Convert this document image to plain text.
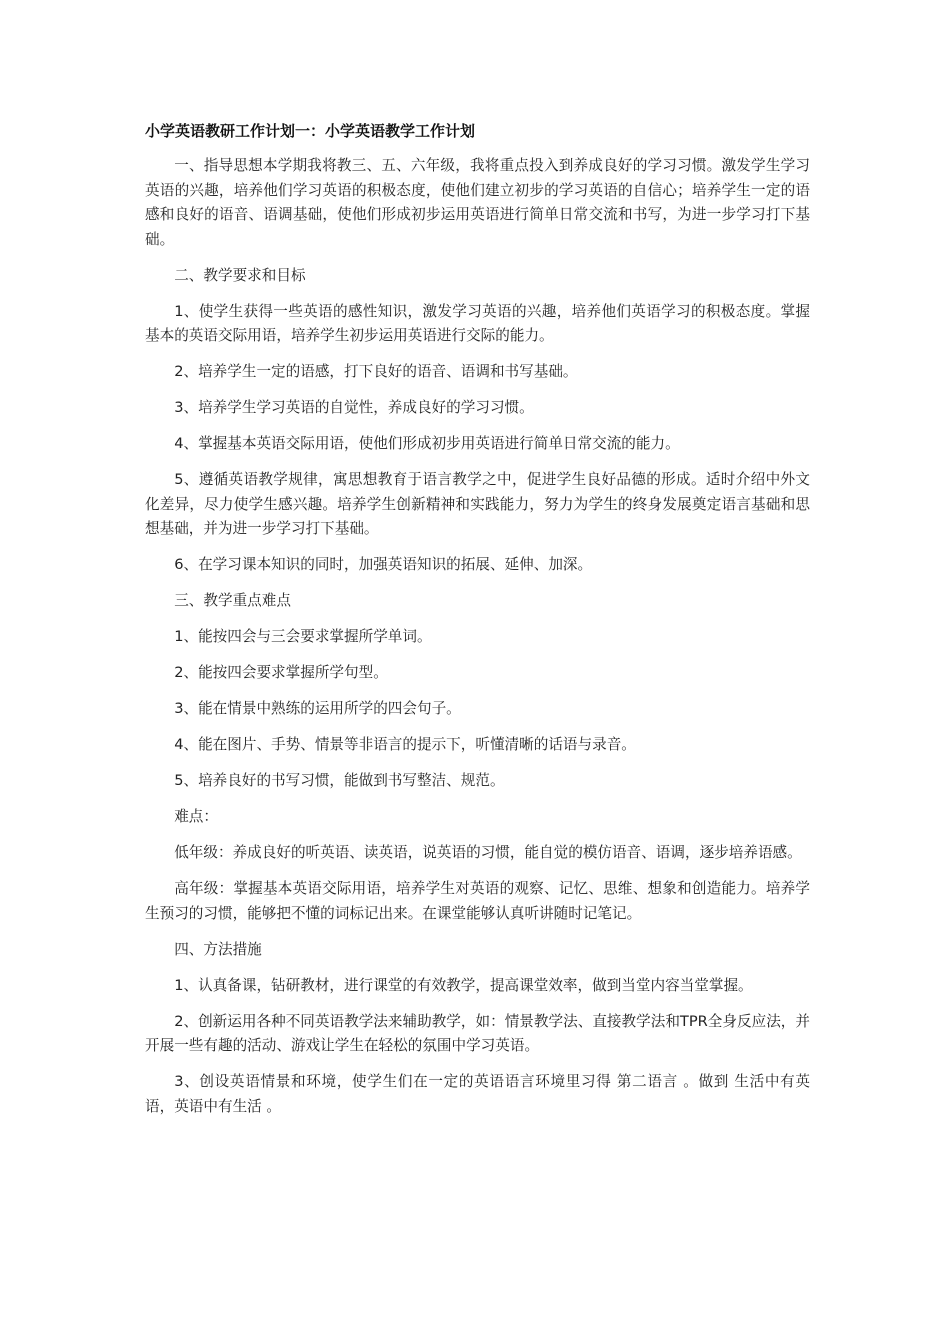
小学英语教研工作计划一：小学英语教学工作计划

一、指导思想本学期我将教三、五、六年级，我将重点投入到养成良好的学习习惯。激发学生学习英语的兴趣，培养他们学习英语的积极态度，使他们建立初步的学习英语的自信心；培养学生一定的语感和良好的语音、语调基础，使他们形成初步运用英语进行简单日常交流和书写，为进一步学习打下基础。

二、教学要求和目标

1、使学生获得一些英语的感性知识，激发学习英语的兴趣，培养他们英语学习的积极态度。掌握基本的英语交际用语，培养学生初步运用英语进行交际的能力。

2、培养学生一定的语感，打下良好的语音、语调和书写基础。

3、培养学生学习英语的自觉性，养成良好的学习习惯。

4、掌握基本英语交际用语，使他们形成初步用英语进行简单日常交流的能力。

5、遵循英语教学规律，寓思想教育于语言教学之中，促进学生良好品德的形成。适时介绍中外文化差异，尽力使学生感兴趣。培养学生创新精神和实践能力，努力为学生的终身发展奠定语言基础和思想基础，并为进一步学习打下基础。

6、在学习课本知识的同时，加强英语知识的拓展、延伸、加深。

三、教学重点难点

1、能按四会与三会要求掌握所学单词。

2、能按四会要求掌握所学句型。

3、能在情景中熟练的运用所学的四会句子。

4、能在图片、手势、情景等非语言的提示下，听懂清晰的话语与录音。

5、培养良好的书写习惯，能做到书写整洁、规范。

难点：

低年级：养成良好的听英语、读英语，说英语的习惯，能自觉的模仿语音、语调，逐步培养语感。

高年级：掌握基本英语交际用语，培养学生对英语的观察、记忆、思维、想象和创造能力。培养学生预习的习惯，能够把不懂的词标记出来。在课堂能够认真听讲随时记笔记。

四、方法措施

1、认真备课，钻研教材，进行课堂的有效教学，提高课堂效率，做到当堂内容当堂掌握。

2、创新运用各种不同英语教学法来辅助教学，如：情景教学法、直接教学法和TPR全身反应法，并开展一些有趣的活动、游戏让学生在轻松的氛围中学习英语。

3、创设英语情景和环境，使学生们在一定的英语语言环境里习得 第二语言 。做到 生活中有英语，英语中有生活 。
